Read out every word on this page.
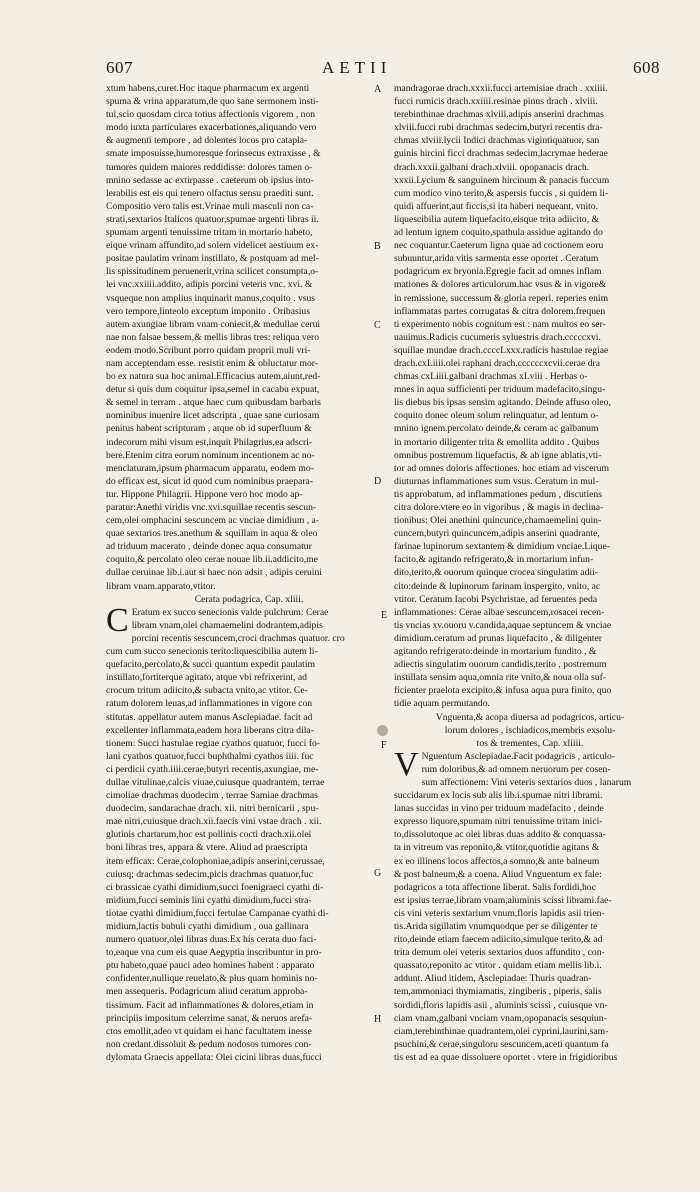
607	AETII	608
A
B
C
D
E
F
G
H

xtum habens,curet.Hoc itaque pharmacum ex argenti

spuma & vrina apparatum,de quo sane sermonem insti-

tui,scio quosdam circa totius affectionis vigorem , non

modo iuxta particulares exacerbationes,aliquando vero

& augmenti tempore , ad dolentes locos pro catapla-

smate imposuisse,humoresque forinsecus extraxisse , &

tumores quidem maiores reddidisse: dolores tamen o-

mnino sedasse ac extirpasse . caeterum ob ipsius into-

lerabilis est eis qui tenero olfactus sensu praediti sunt.

Compositio vero talis est.Vrinae muli masculi non ca-

strati,sextarios Italicos quatuor,spumae argenti libras ii.

spumam argenti tenuissime tritam in mortario habeto,

eique vrinam affundito,ad solem videlicet aestiuum ex-

positae paulatim vrinam instillato, & postquam ad mel-

lis spissitudinem peruenerit,vrina scilicet consumpta,o-

lei vnc.xxiiii.addito, adipis porcini veteris vnc. xvi. &

vsqueque non amplius inquinarit manus,coquito . vsus

vero tempore,linteolo exceptum imponito . Oribasius

autem axungiae libram vnam coniecit,& medullae cerui

nae non falsae bessem,& mellis libras tres: reliqua vero

eodem modo.Scribunt porro quidam proprii muli vri-

nam acceptendam esse. resistit enim & obluctatur mor-

bo ex natura sua hoc animal.Efficacius autem,aiunt,red-

detur si quis dum coquitur ipsa,semel in cacabu expuat,

& semel in terram . atque haec cum quibusdam barbaris

nominibus inuenire licet adscripta , quae sane curiosam

penitus habent scripturam , atque ob id superfluum &

indecorum mihi visum est,inquit Philagrius,ea adscri-

bere.Etenim citra eorum nominum incentionem ac no-

menclaturam,ipsum pharmacum apparatu, eodem mo-

do efficax est, sicut id quod cum nominibus praepara-

tur. Hippone Philagrii. Hippone vero hoc modo ap-

paratur:Anethi viridis vnc.xvi.squillae recentis sescun-

cem,olei omphacini sescuncem ac vnciae dimidium , a-

quae sextarios tres.anethum & squillam in aqua & oleo

ad triduum macerato , deinde donec aqua consumatur

coquito,& percolato oleo cerae nouae lib.ii.addicito,me

dullae ceruinae lib.i.aut si haec non adsit , adipis ceruini

libram vnam.apparato,vtitor.

Cerata podagrica, Cap. xliii.

C Eratum ex succo senecionis valde pulchrum: Cerae

libram vnam,olei chamaemelini dodrantem,adipis

porcini recentis sescuncem,croci drachmas quatuor. cro

cum cum succo senecionis terito:liquescibilia autem li-

quefacito,percolato,& succi quantum expedit paulatim

instillato,fortiterque agitato, atque vbi refrixerint, ad

crocum tritum adiicito,& subacta vnito,ac vtitor. Ce-

ratum dolorem leuas,ad inflammationes in vigore con

stitutas. appellatur autem manus Asclepiadae. facit ad

excellenter inflammata,eadem hora liberans citra dila-

tionem: Succi hastulae regiae cyathos quatuor, fucci fo-

lani cyathos quatuor,fucci buphthalmi cyathos iiii. fuc

ci perdicii cyath.iiii.cerae,butyri recentis,axungiae, me-

dullae vitulinae,calcis viuae,cuiusque quadrantem, terrae

cimoliae drachmas duodecim , terrae Samiae drachmas

duodecim, sandarachae drach. xii. nitri bernicarii , spu-

mae nitri,cuiusque drach.xii.faecis vini vstae drach . xii.

glutinis chartarum,hoc est pollinis cocti drach.xii.olei

boni libras tres, appara & vtere. Aliud ad praescripta

item efficax: Cerae,colophoniae,adipis anserini,cerussae,

cuiusq; drachmas sedecim,picis drachmas quatuor,fuc

ci brassicae cyathi dimidium,succi foenigraeci cyathi di-

midium,fucci seminis lini cyathi dimidium,fucci stra-

tiotae cyathi dimidium,fucci fertulae Campanae cyathi di-

midium,lactis bubuli cyathi dimidium , oua gallinara

numero quatuor,olei libras duas.Ex his cerata duo faci-

to,eaque vna cum eis quae Aegyptia inscribuntur in pro-

ptu habeto,quae pauci adeo homines habent : apparato

confidenter,nullique reuelato,& plus quam hominis no-

men assequeris. Podagricum aliud ceratum approba-

tissimum. Facit ad inflammationes & dolores,etiam in

principiis impositum celerrime sanat, & neruos arefa-

ctos emollit,adeo vt quidam ei hanc facultatem inesse

non credant.dissoluit & pedum nodosos tumores con-

dylomata Graecis appellata: Olei cicini libras duas,fucci

mandragorae drach.xxxii.fucci artemisiae drach . xxiiii.

fucci rumicis drach.xxiiii.resinae pinus drach . xlviii.

terebinthinae drachmas xlviii.adipis anserini drachmas

xlviii.fucci rubi drachmas sedecim,butyri recentis dra-

chmas xlviii.lycii Indici drachmas vigintiquatuor, san

guinis hircini ficci drachmas sedecim,lacrymae hederae

drach.xxxii.galbani drach.xlviii. opopanacis drach.

xxxii.Lycium & sanguinem hircinum & panacis fuccum

cum modico vino terito,& aspersis fuccis , si quidem li-

quidi affuerint,aut ficcis,si ita haberi nequeant, vnito.

liquescibilia autem liquefacito,eisque trita adiicito, &

ad lentum ignem coquito,spathula assidue agitando do

nec coquantur.Caeterum ligna quae ad coctionem eoru

subuuntur,arida vitis sarmenta esse oportet . Ceratum

podagricum ex bryonia.Egregie facit ad omnes inflam

mationes & dolores articulorum.hac vsus & in vigore&

in remissione, successum & gloria reperi. reperies enim

inflammatas partes corrugatas & citra dolorem.frequen

ti experimento nobis cognitum est : nam multos eo ser-

uauimus.Radicis cucumeris syluestris drach.cccccxvi.

squillae mundae drach.ccccLxxx.radicis hastulae regiae

drach.cxLiiii.olei raphani drach.ccccccxcvii.cerae dra

chmas cxLiiii.galbani drachmas xLviii . Herbas o-

mnes in aqua sufficienti per triduum madefacito,singu-

lis diebus bis ipsas sensim agitando. Deinde affuso oleo,

coquito donec oleum solum relinquatur, ad lentum o-

mnino ignem.percolato deinde,& ceram ac galbanum

in mortario diligenter trita & emollita addito . Quibus

omnibus postremum liquefactis, & ab igne ablatis,vti-

tor ad omnes doloris affectiones. hoc etiam ad viscerum

diuturnas inflammationes sum vsus. Ceratum in mul-

tis approbatum, ad inflammationes pedum , discutiens

citra dolore.vtere eo in vigoribus , & magis in declina-

tionibus: Olei anethini quincunce,chamaemelini quin-

cuncem,butyri quincuncem,adipis anserini quadrante,

farinae lupinorum sextantem & dimidium vnciae.Lique-

facito,& agitando refrigerato,& in mortarium infun-

dito,terito,& ouorum quinque crocea singulatim adii-

cito:deinde & lupinorum farinam inspergito, vnito, ac

vtitor. Ceratum Iacobi Psychristae, ad feruentes peda

inflammationes: Cerae albae sescuncem,rosacei recen-

tis vncias xv.ouoru v.candida,aquae septuncem & vnciae

dimidium.ceratum ad prunas liquefacito , & diligenter

agitando refrigerato:deinde in mortarium fundito , &

adiectis singulatim ouorum candidis,terito , postremum

instillata sensim aqua,omnia rite vnito,& noua olla suf-

ficienter praelota excipito,& infusa aqua pura finito, quo

tidie aquam permutando.

Vnguenta,& acopa diuersa ad podagricos, articu-

lorum dolores , ischiadicos,membris exsolu-

tos & trementes, Cap. xliiii.

V Nguentum Asclepiadae.Facit podagricis , articulo-

rum doloribus,& ad omnem neruorum per cosen-

sum affectionem: Vini veteris sextarios duos , lanarum

succidarum ex locis sub alis lib.i.spumae nitri librami.

lanas succidas in vino per triduum madefacito , deinde

expresso liquore,spumam nitri tenuissime tritam inici-

to,dissolutoque ac olei libras duas addito & conquassa-

ta in vitreum vas reponito,& vtitor,quotidie agitans &

ex eo illinens locos affectos,a somno,& ante balneum

& post balneum,& a coena. Aliud Vnguentum ex fale:

podagricos a tota affectione liberat. Salis fordidi,hoc

est ipsius terrae,libram vnam,aluminis scissi librami.fae-

cis vini veteris sextarium vnum,floris lapidis asii trien-

tis.Arida sigillatim vnumquodque per se diligenter te

rito,deinde etiam faecem adiicito,simulque terito,& ad

trita demum olei veteris sextarios duos affundito , con-

quassato,reponito ac vtitor . quidam etiam mellis lib.i.

addunt. Aliud itidem, Asclepiadae: Thuris quadran-

tem,ammoniaci thymiamatis, zingiberis , piperis, salis

sordidi,floris lapidis asii , aluminis scissi , cuiusque vn-

ciam vnam,galbani vnciam vnam,opopanacis sesquiun-

ciam,terebinthinae quadrantem,olei cyprini,laurini,sam-

psuchini,& cerae,singuloru sescuncem,aceti quantum fa

tis est ad ea quae dissoluere oportet . vtere in frigidioribus
